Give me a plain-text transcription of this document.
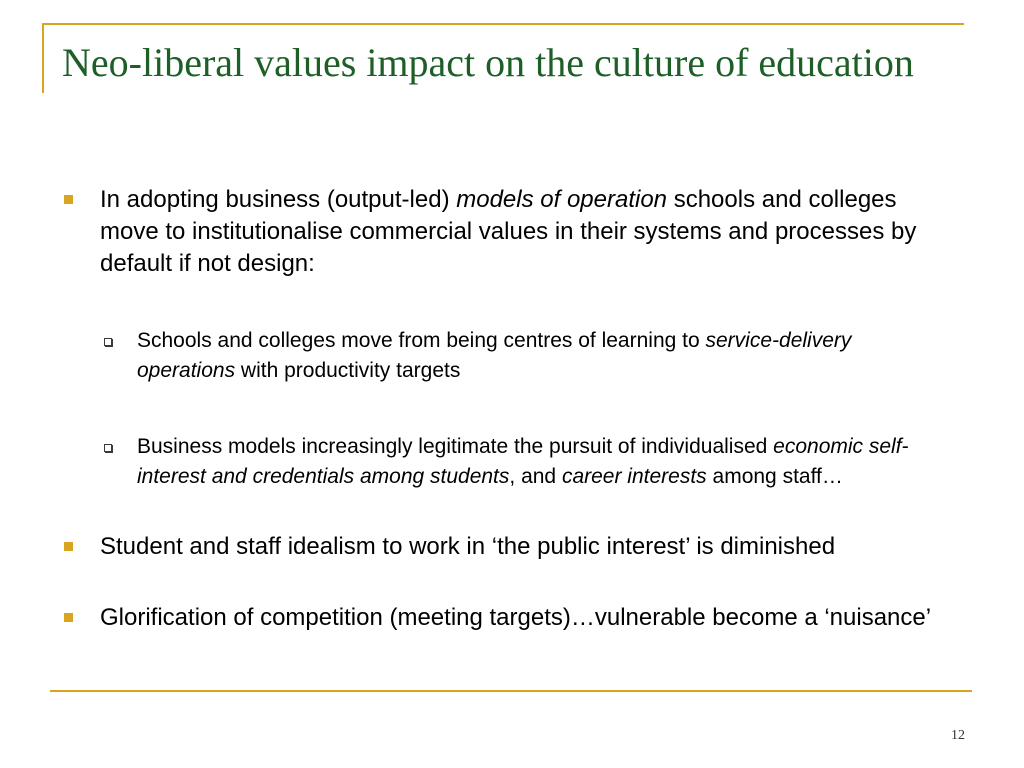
Neo-liberal values impact on the culture of education
In adopting business (output-led) models of operation schools and colleges move to institutionalise commercial values in their systems and processes by default if not design:
Schools and colleges move from being centres of learning to service-delivery operations with productivity targets
Business models increasingly legitimate the pursuit of individualised economic self-interest and credentials among students, and career interests among staff…
Student and staff idealism to work in ‘the public interest’ is diminished
Glorification of competition (meeting targets)…vulnerable become a ‘nuisance’
12
